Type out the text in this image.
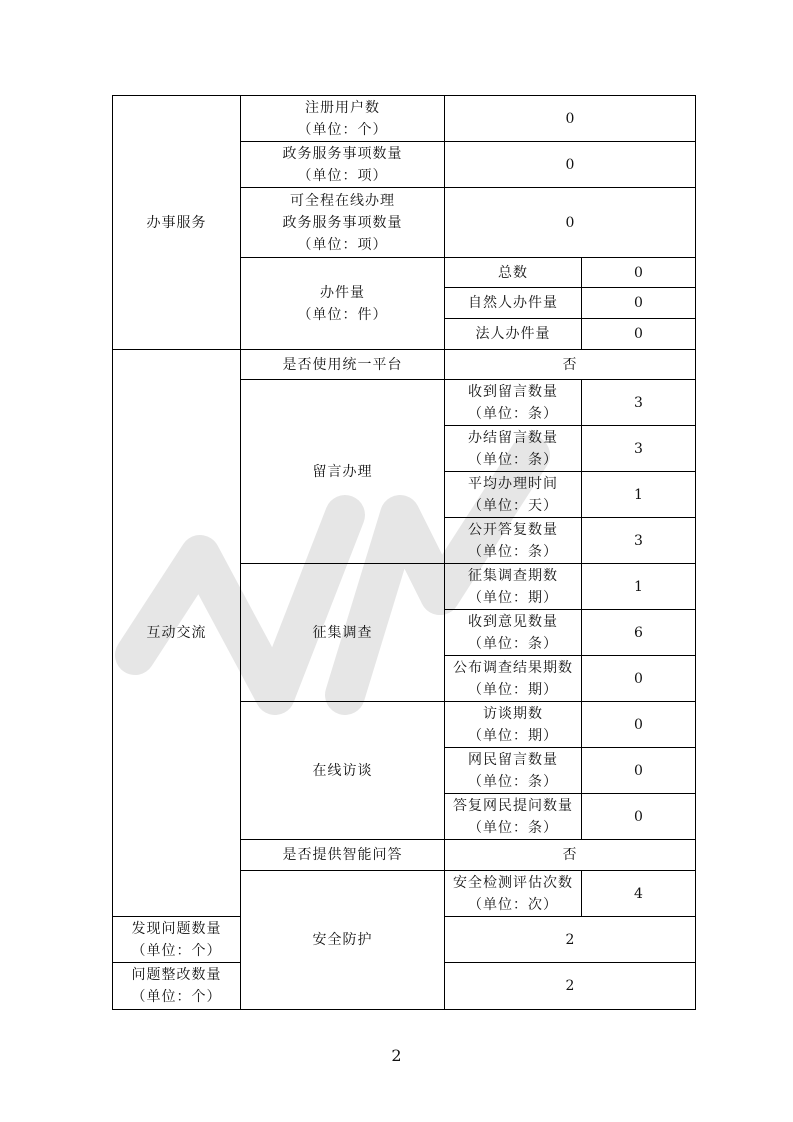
办事服务	注册用户数
（单位：个）	0	

	政务服务事项数量
（单位：项）	0	

	可全程在线办理
政务服务事项数量
（单位：项）	0	

	办件量
（单位：件）	总数	0
		自然人办件量	0
		法人办件量	0
互动交流	是否使用统一平台	否	
	留言办理	收到留言数量
（单位：条）	3

		办结留言数量
（单位：条）	3

		平均办理时间
（单位：天）	1

		公开答复数量
（单位：条）	3
	征集调查	征集调查期数
（单位：期）	1

		收到意见数量
（单位：条）	6

		公布调查结果期数
（单位：期）	0
	在线访谈	访谈期数
（单位：期）	0

		网民留言数量
（单位：条）	0

		答复网民提问数量
（单位：条）	0
	是否提供智能问答	否	
	安全防护	安全检测评估次数
（单位：次）	4

发现问题数量
（单位：个）		2	

问题整改数量
（单位：个）		2	
2
